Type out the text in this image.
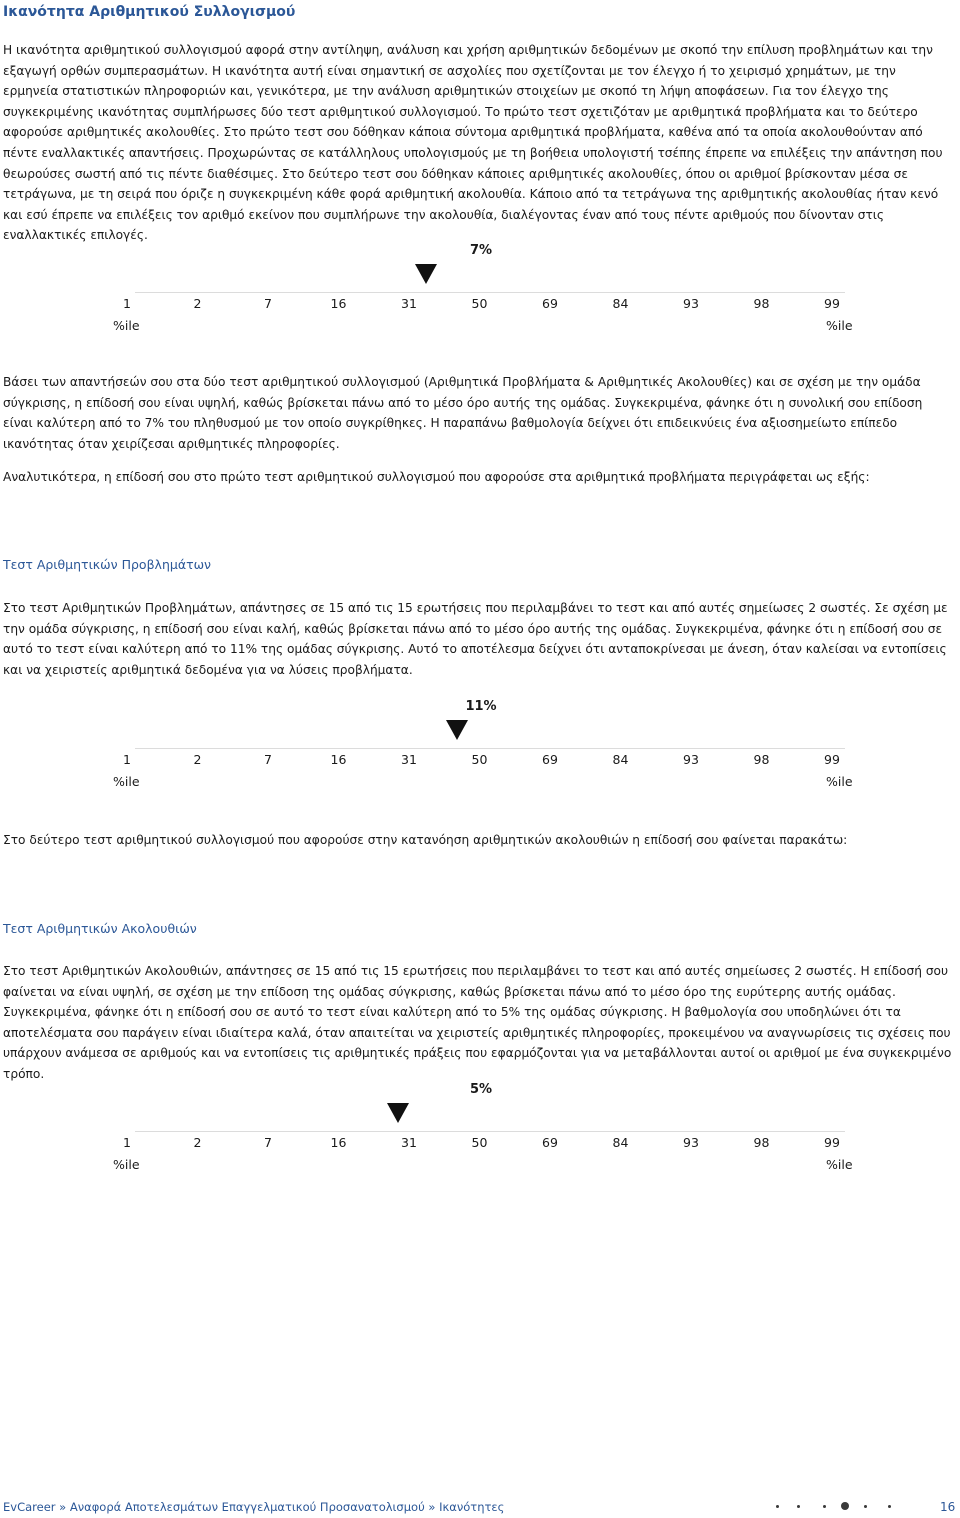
Ικανότητα Αριθμητικού Συλλογισμού
Η ικανότητα αριθμητικού συλλογισμού αφορά στην αντίληψη, ανάλυση και χρήση αριθμητικών δεδομένων με σκοπό την επίλυση προβλημάτων και την εξαγωγή ορθών συμπερασμάτων. Η ικανότητα αυτή είναι σημαντική σε ασχολίες που σχετίζονται με τον έλεγχο ή το χειρισμό χρημάτων, με την ερμηνεία στατιστικών πληροφοριών και, γενικότερα, με την ανάλυση αριθμητικών στοιχείων με σκοπό τη λήψη αποφάσεων. Για τον έλεγχο της συγκεκριμένης ικανότητας συμπλήρωσες δύο τεστ αριθμητικού συλλογισμού. Το πρώτο τεστ σχετιζόταν με αριθμητικά προβλήματα και το δεύτερο αφορούσε αριθμητικές ακολουθίες. Στο πρώτο τεστ σου δόθηκαν κάποια σύντομα αριθμητικά προβλήματα, καθένα από τα οποία ακολουθούνταν από πέντε εναλλακτικές απαντήσεις. Προχωρώντας σε κατάλληλους υπολογισμούς με τη βοήθεια υπολογιστή τσέπης έπρεπε να επιλέξεις την απάντηση που θεωρούσες σωστή από τις πέντε διαθέσιμες. Στο δεύτερο τεστ σου δόθηκαν κάποιες αριθμητικές ακολουθίες, όπου οι αριθμοί βρίσκονταν μέσα σε τετράγωνα, με τη σειρά που όριζε η συγκεκριμένη κάθε φορά αριθμητική ακολουθία. Κάποιο από τα τετράγωνα της αριθμητικής ακολουθίας ήταν κενό και εσύ έπρεπε να επιλέξεις τον αριθμό εκείνον που συμπλήρωνε την ακολουθία, διαλέγοντας έναν από τους πέντε αριθμούς που δίνονταν στις εναλλακτικές επιλογές.
7%
1	2	7	16	31	50	69	84	93	98	99
%ile	%ile
Βάσει των απαντήσεών σου στα δύο τεστ αριθμητικού συλλογισμού (Αριθμητικά Προβλήματα & Αριθμητικές Ακολουθίες) και σε σχέση με την ομάδα σύγκρισης, η επίδοσή σου είναι υψηλή, καθώς βρίσκεται πάνω από το μέσο όρο αυτής της ομάδας. Συγκεκριμένα, φάνηκε ότι η συνολική σου επίδοση είναι καλύτερη από το 7% του πληθυσμού με τον οποίο συγκρίθηκες. Η παραπάνω βαθμολογία δείχνει ότι επιδεικνύεις ένα αξιοσημείωτο επίπεδο ικανότητας όταν χειρίζεσαι αριθμητικές πληροφορίες.
Αναλυτικότερα, η επίδοσή σου στο πρώτο τεστ αριθμητικού συλλογισμού που αφορούσε στα αριθμητικά προβλήματα περιγράφεται ως εξής:
Τεστ Αριθμητικών Προβλημάτων
Στο τεστ Αριθμητικών Προβλημάτων, απάντησες σε 15 από τις 15 ερωτήσεις που περιλαμβάνει το τεστ και από αυτές σημείωσες 2 σωστές. Σε σχέση με την ομάδα σύγκρισης, η επίδοσή σου είναι καλή, καθώς βρίσκεται πάνω από το μέσο όρο αυτής της ομάδας. Συγκεκριμένα, φάνηκε ότι η επίδοσή σου σε αυτό το τεστ είναι καλύτερη από το 11% της ομάδας σύγκρισης. Αυτό το αποτέλεσμα δείχνει ότι ανταποκρίνεσαι με άνεση, όταν καλείσαι να εντοπίσεις και να χειριστείς αριθμητικά δεδομένα για να λύσεις προβλήματα.
11%
1	2	7	16	31	50	69	84	93	98	99
%ile	%ile
Στο δεύτερο τεστ αριθμητικού συλλογισμού που αφορούσε στην κατανόηση αριθμητικών ακολουθιών η επίδοσή σου φαίνεται παρακάτω:
Τεστ Αριθμητικών Ακολουθιών
Στο τεστ Αριθμητικών Ακολουθιών, απάντησες σε 15 από τις 15 ερωτήσεις που περιλαμβάνει το τεστ και από αυτές σημείωσες 2 σωστές. Η επίδοσή σου φαίνεται να είναι υψηλή, σε σχέση με την επίδοση της ομάδας σύγκρισης, καθώς βρίσκεται πάνω από το μέσο όρο της ευρύτερης αυτής ομάδας. Συγκεκριμένα, φάνηκε ότι η επίδοσή σου σε αυτό το τεστ είναι καλύτερη από το 5% της ομάδας σύγκρισης. Η βαθμολογία σου υποδηλώνει ότι τα αποτελέσματα σου παράγειν είναι ιδιαίτερα καλά, όταν απαιτείται να χειριστείς αριθμητικές πληροφορίες, προκειμένου να αναγνωρίσεις τις σχέσεις που υπάρχουν ανάμεσα σε αριθμούς και να εντοπίσεις τις αριθμητικές πράξεις που εφαρμόζονται για να μεταβάλλονται αυτοί οι αριθμοί με ένα συγκεκριμένο τρόπο.
5%
1	2	7	16	31	50	69	84	93	98	99
%ile	%ile
EvCareer » Αναφορά Αποτελεσμάτων Επαγγελματικού Προσανατολισμού » Ικανότητες	16
